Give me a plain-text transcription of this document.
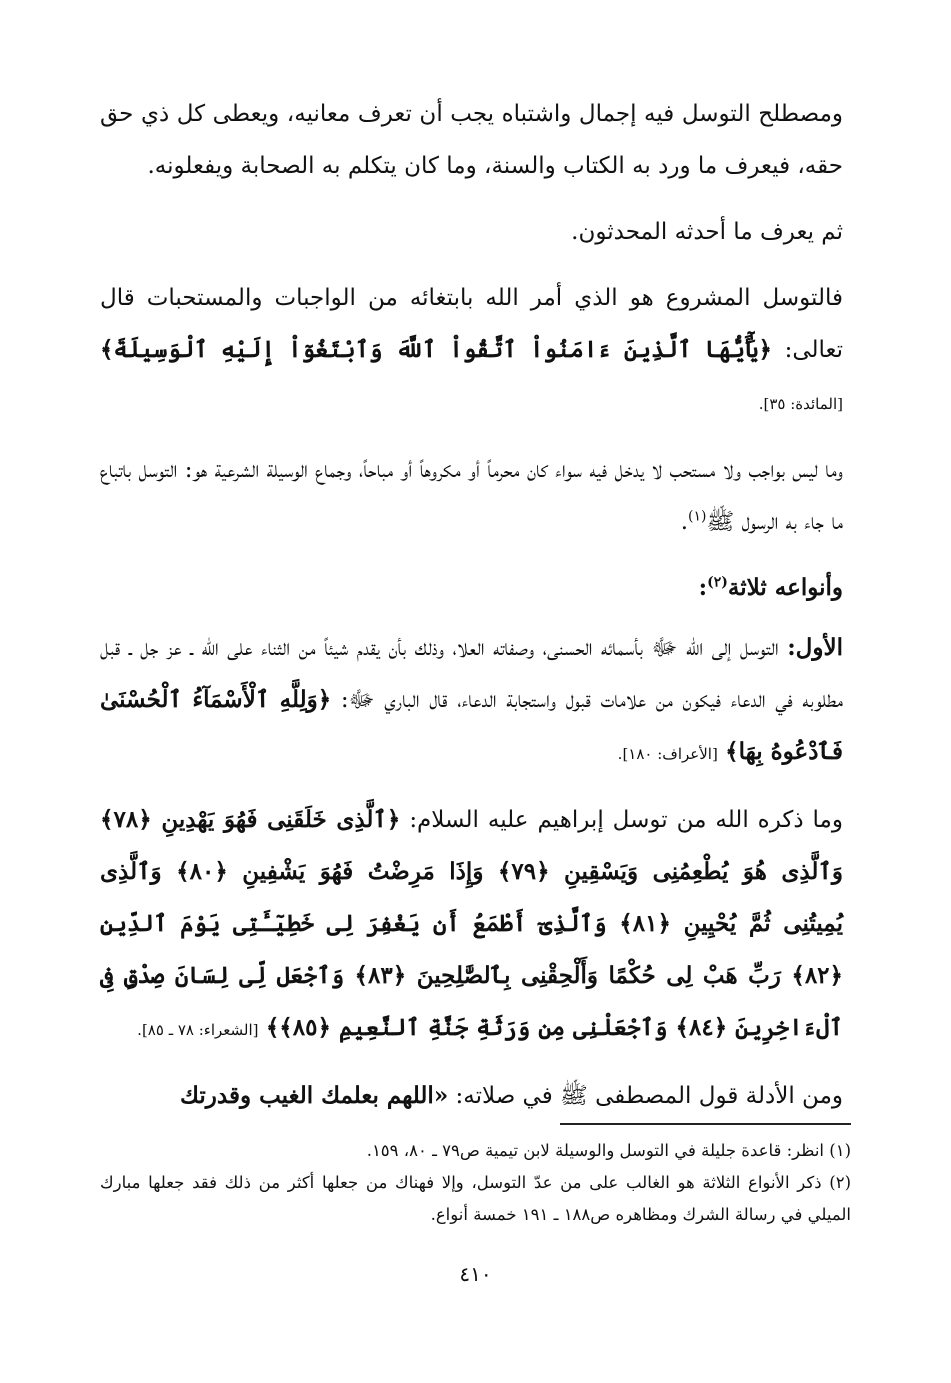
ومصطلح التوسل فيه إجمال واشتباه يجب أن تعرف معانيه، ويعطى كل ذي حق حقه، فيعرف ما ورد به الكتاب والسنة، وما كان يتكلم به الصحابة ويفعلونه.

ثم يعرف ما أحدثه المحدثون.

فالتوسل المشروع هو الذي أمر الله بابتغائه من الواجبات والمستحبات قال تعالى: ﴿يَٰٓأَيُّهَا ٱلَّذِينَ ءَامَنُواْ ٱتَّقُواْ ٱللَّهَ وَٱبْتَغُوٓاْ إِلَيْهِ ٱلْوَسِيلَةَ﴾ [المائدة: ٣٥].

وما ليس بواجب ولا مستحب لا يدخل فيه سواء كان محرماً أو مكروهاً أو مباحاً، وجماع الوسيلة الشرعية هو: التوسل باتباع ما جاء به الرسول ﷺ$^{(١)}$.

وأنواعه ثلاثة$^{(٢)}$:

الأول: التوسل إلى الله ﷻ بأسمائه الحسنى، وصفاته العلا، وذلك بأن يقدم شيئاً من الثناء على الله ـ عز جل ـ قبل مطلوبه في الدعاء فيكون من علامات قبول واستجابة الدعاء، قال الباري ﷻ: ﴿وَلِلَّهِ ٱلْأَسْمَآءُ ٱلْحُسْنَىٰ فَٱدْعُوهُ بِهَا﴾ [الأعراف: ١٨٠].

وما ذكره الله من توسل إبراهيم عليه السلام: ﴿ٱلَّذِى خَلَقَنِى فَهُوَ يَهْدِينِ ﴿٧٨﴾ وَٱلَّذِى هُوَ يُطْعِمُنِى وَيَسْقِينِ ﴿٧٩﴾ وَإِذَا مَرِضْتُ فَهُوَ يَشْفِينِ ﴿٨٠﴾ وَٱلَّذِى يُمِيتُنِى ثُمَّ يُحْيِينِ ﴿٨١﴾ وَٱلَّذِىٓ أَطْمَعُ أَن يَغْفِرَ لِى خَطِيٓـَٔتِى يَوْمَ ٱلدِّينِ ﴿٨٢﴾ رَبِّ هَبْ لِى حُكْمًا وَأَلْحِقْنِى بِٱلصَّٰلِحِينَ ﴿٨٣﴾ وَٱجْعَل لِّى لِسَانَ صِدْقٍ فِى ٱلْءَاخِرِينَ ﴿٨٤﴾ وَٱجْعَلْنِى مِن وَرَثَةِ جَنَّةِ ٱلنَّعِيمِ ﴿٨٥﴾﴾ [الشعراء: ٧٨ ـ ٨٥].

ومن الأدلة قول المصطفى ﷺ في صلاته: «اللهم بعلمك الغيب وقدرتك

(١) انظر: قاعدة جليلة في التوسل والوسيلة لابن تيمية ص٧٩ ـ ٨٠، ١٥٩.

(٢) ذكر الأنواع الثلاثة هو الغالب على من عدّ التوسل، وإلا فهناك من جعلها أكثر من ذلك فقد جعلها مبارك الميلي في رسالة الشرك ومظاهره ص١٨٨ ـ ١٩١ خمسة أنواع.

٤١٠
